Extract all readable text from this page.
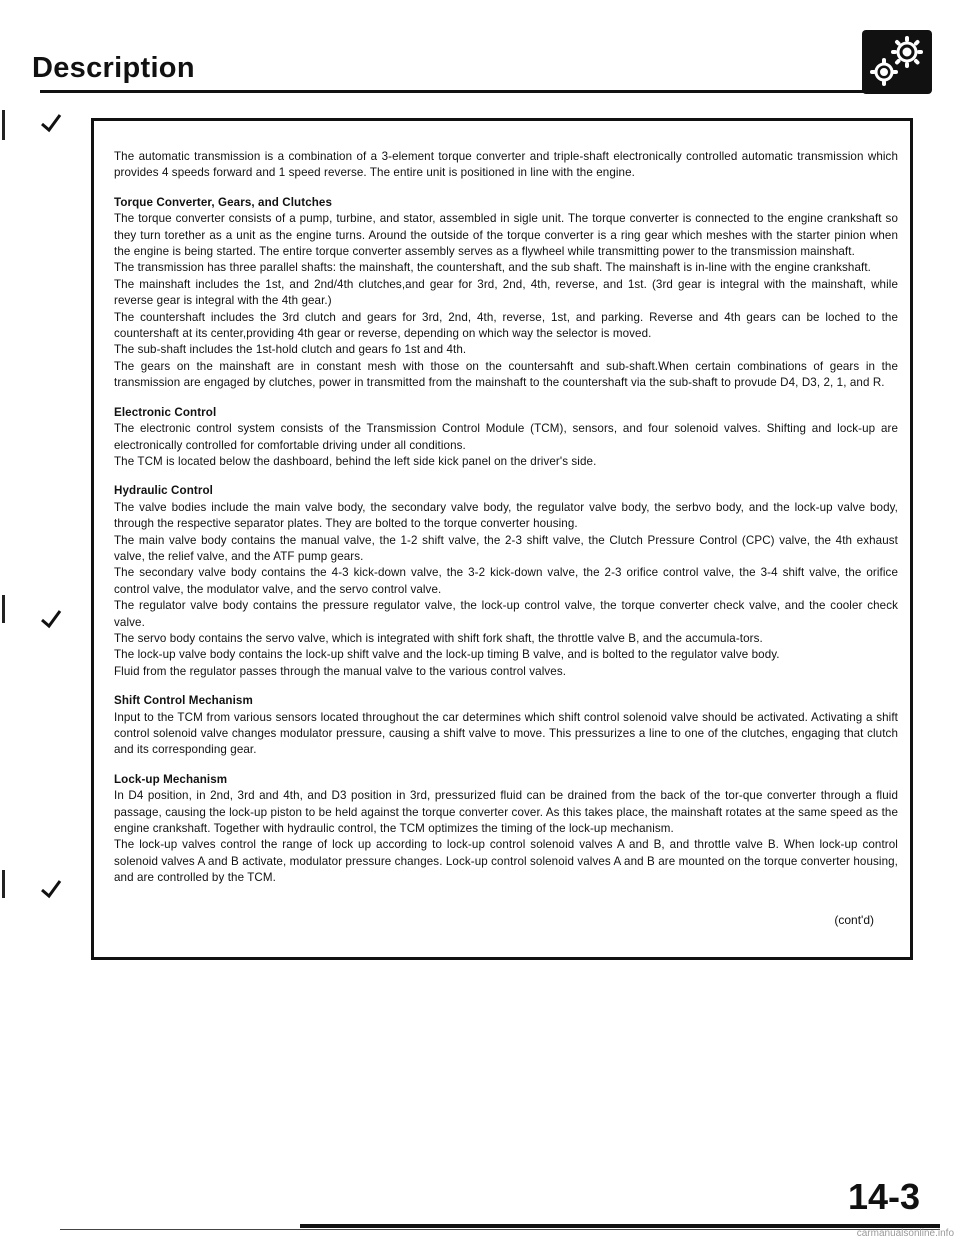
Description

The automatic transmission is a combination of a 3-element torque converter and triple-shaft electronically controlled automatic transmission which provides 4 speeds forward and 1 speed reverse. The entire unit is positioned in line with the engine.

Torque Converter, Gears, and Clutches

The torque converter consists of a pump, turbine, and stator, assembled in sigle unit. The torque converter is connected to the engine crankshaft so they turn torether as a unit as the engine turns. Around the outside of the torque converter is a ring gear which meshes with the starter pinion when the engine is being started. The entire torque converter assembly serves as a flywheel while transmitting power to the transmission mainshaft.

The transmission has three parallel shafts: the mainshaft, the countershaft, and the sub shaft. The mainshaft is in-line with the engine crankshaft.

The mainshaft includes the 1st, and 2nd/4th clutches,and gear for 3rd, 2nd, 4th, reverse, and 1st. (3rd gear is integral with the mainshaft, while reverse gear is integral with the 4th gear.)

The countershaft includes the 3rd clutch and gears for 3rd, 2nd, 4th, reverse, 1st, and parking. Reverse and 4th gears can be loched to the countershaft at its center,providing 4th gear or reverse, depending on which way the selector is moved.

The sub-shaft includes the 1st-hold clutch and gears fo 1st and 4th.

The gears on the mainshaft are in constant mesh with those on the countersahft and sub-shaft.When certain combinations of gears in the transmission are engaged by clutches, power in transmitted from the mainshaft to the countershaft via the sub-shaft to provude D4, D3, 2, 1, and R.

Electronic Control

The electronic control system consists of the Transmission Control Module (TCM), sensors, and four solenoid valves. Shifting and lock-up are electronically controlled for comfortable driving under all conditions.

The TCM is located below the dashboard, behind the left side kick panel on the driver's side.

Hydraulic Control

The valve bodies include the main valve body, the secondary valve body, the regulator valve body, the serbvo body, and the lock-up valve body, through the respective separator plates. They are bolted to the torque converter housing.

The main valve body contains the manual valve, the 1-2 shift valve, the 2-3 shift valve, the Clutch Pressure Control (CPC) valve, the 4th exhaust valve, the relief valve, and the ATF pump gears.

The secondary valve body contains the 4-3 kick-down valve, the 3-2 kick-down valve, the 2-3 orifice control valve, the 3-4 shift valve, the orifice control valve, the modulator valve, and the servo control valve.

The regulator valve body contains the pressure regulator valve, the lock-up control valve, the torque converter check valve, and the cooler check valve.

The servo body contains the servo valve, which is integrated with shift fork shaft, the throttle valve B, and the accumula-tors.

The lock-up valve body contains the lock-up shift valve and the lock-up timing B valve, and is bolted to the regulator valve body.

Fluid from the regulator passes through the manual valve to the various control valves.

Shift Control Mechanism

Input to the TCM from various sensors located throughout the car determines which shift control solenoid valve should be activated. Activating a shift control solenoid valve changes modulator pressure, causing a shift valve to move. This pressurizes a line to one of the clutches, engaging that clutch and its corresponding gear.

Lock-up Mechanism

In D4 position, in 2nd, 3rd and 4th, and D3 position in 3rd, pressurized fluid can be drained from the back of the tor-que converter through a fluid passage, causing the lock-up piston to be held against the torque converter cover. As this takes place, the mainshaft rotates at the same speed as the engine crankshaft. Together with hydraulic control, the TCM optimizes the timing of the lock-up mechanism.

The lock-up valves control the range of lock up according to lock-up control solenoid valves A and B, and throttle valve B. When lock-up control solenoid valves A and B activate, modulator pressure changes. Lock-up control solenoid valves A and B are mounted on the torque converter housing, and are controlled by the TCM.

(cont'd)
14-3
carmanualsonline.info
